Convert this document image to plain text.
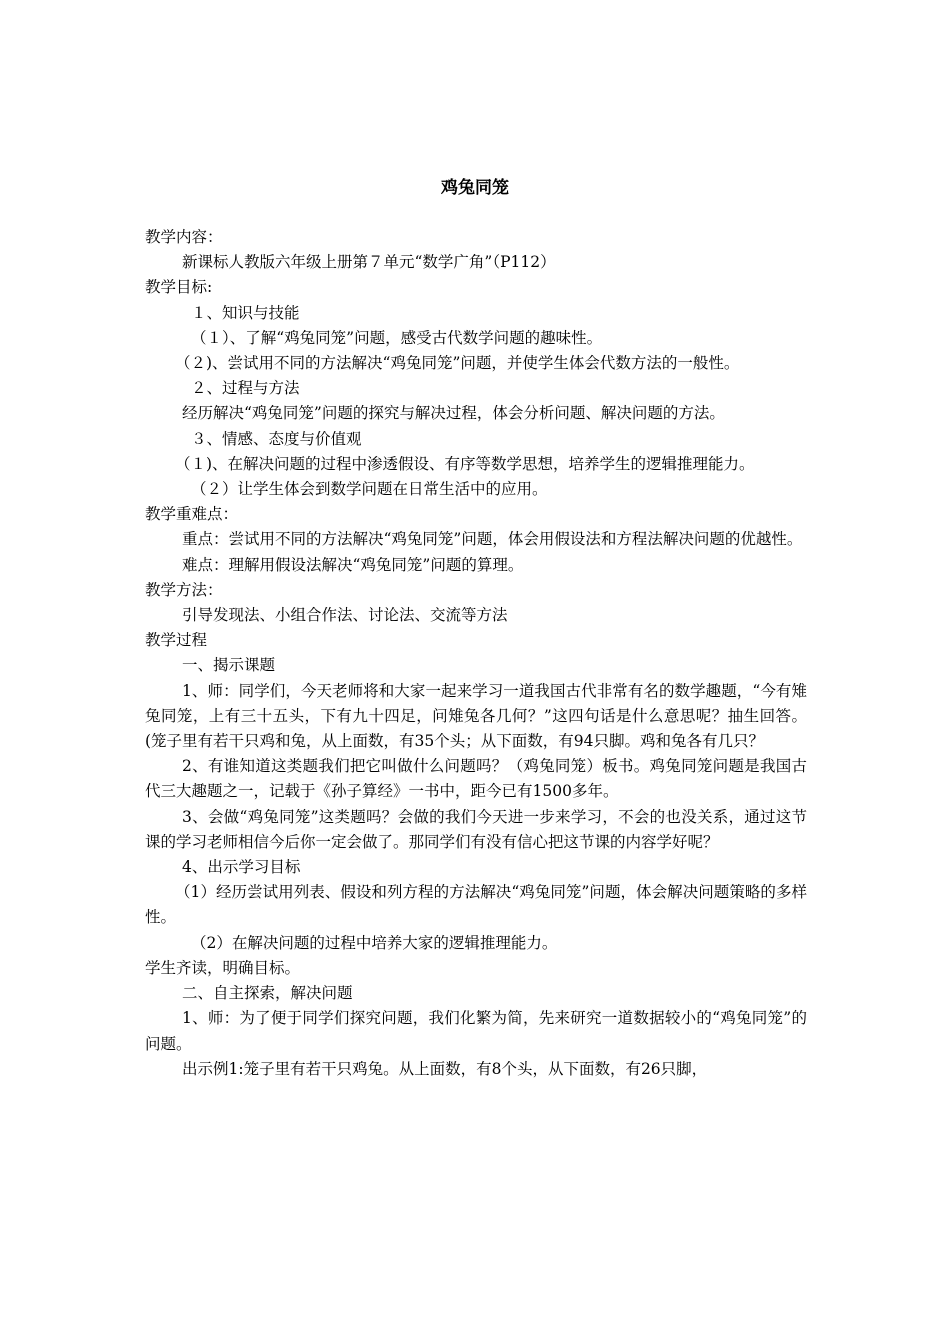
鸡兔同笼

教学内容：

新课标人教版六年级上册第７单元“数学广角”（P112）

教学目标:

１、知识与技能

（１）、了解“鸡兔同笼”问题，感受古代数学问题的趣味性。

（２)、尝试用不同的方法解决“鸡兔同笼”问题，并使学生体会代数方法的一般性。

２、过程与方法

经历解决“鸡兔同笼”问题的探究与解决过程，体会分析问题、解决问题的方法。

３、情感、态度与价值观

（１)、在解决问题的过程中渗透假设、有序等数学思想，培养学生的逻辑推理能力。

（２）让学生体会到数学问题在日常生活中的应用。

教学重难点：

重点：尝试用不同的方法解决“鸡兔同笼”问题，体会用假设法和方程法解决问题的优越性。

难点：理解用假设法解决“鸡兔同笼”问题的算理。

教学方法：

引导发现法、小组合作法、讨论法、交流等方法

教学过程

一、揭示课题

1、师：同学们，今天老师将和大家一起来学习一道我国古代非常有名的数学趣题，“今有雉兔同笼，上有三十五头，下有九十四足，问雉兔各几何？”这四句话是什么意思呢？抽生回答。(笼子里有若干只鸡和兔，从上面数，有35个头；从下面数，有94只脚。鸡和兔各有几只？

2、有谁知道这类题我们把它叫做什么问题吗？（鸡兔同笼）板书。鸡兔同笼问题是我国古代三大趣题之一，记载于《孙子算经》一书中，距今已有1500多年。

3、会做“鸡兔同笼”这类题吗？会做的我们今天进一步来学习，不会的也没关系，通过这节课的学习老师相信今后你一定会做了。那同学们有没有信心把这节课的内容学好呢？

4、出示学习目标

（1）经历尝试用列表、假设和列方程的方法解决“鸡兔同笼”问题，体会解决问题策略的多样性。

（2）在解决问题的过程中培养大家的逻辑推理能力。

学生齐读，明确目标。

二、自主探索，解决问题

1、师：为了便于同学们探究问题，我们化繁为简，先来研究一道数据较小的“鸡兔同笼”的问题。

出示例1:笼子里有若干只鸡兔。从上面数，有8个头，从下面数，有26只脚，
